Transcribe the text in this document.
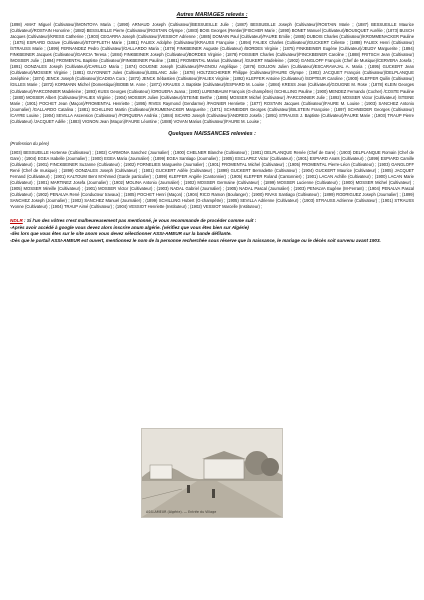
Autres MARIAGES relevés :

(1898) AMAT Miguel (Cultivateur)/MONTOYA Maria ; (1890) ARNAUD Joseph (Cultivateur)/BESSUEILLE Julie ; (1887) BESSUEILLE Joseph (Cultivateur)/ROSTAIN Marie ; (1887) BESSUEILLE Maurice (Cultivateur)/ROSTAIN Honorine ; (1882) BESSUEILLE Pierre (Cultivateur)/ROSTAIN Olympe ; (1883) BOIS Georges (Rentier)/FISCHER Marie ; (1890) BONET Manuel (Cultivateur)/BOUSQUET Aurélie ; (1873) BUSCH Jacques (Cultivateur)/KRESS Catherine ; (1903) CEGARRA Joseph (Cultivateur)/VESSIOT Adrienne ; (1885) DOMAIN Paul (Cultivateur)/FAURE Emilie ; (1885) DUBOIS Charles (Cultivateur)/KROMMENACKER Pauline ; (1875) ESPIARD Octave (Cultivateur)/STOFFLETH Marie ; (1881) FALIEX Adolphe (Cultivateur)/KRAUSS Françoise ; (1894) FALIEX Charles (Cultivateur)/GUCKERT Céleste ; (1888) FALIEX Henri (Cultivateur) /STRAUSS Marie ; (1899) FERNANDEZ Pedro (Cultivateur)/GALLARDO Maria ; (1879) FINKBEINER Auguste (Cultivateur) /BORDES Virginie ; (1875) FINKBEINER Eugène (Cultivateur)/JEUDY Marguerite ; (1894) FINKBEINER Jacques (Cultivateur)/GARCIA Teresa ; (1884) FINKBEINER Joseph (Cultivateur)/BORDES Virginie ; (1878) FOISSIER Charles (Cultivateur)/FINCKBEINER Caroline ; (1888) FRITSCH Jean (Cultivateur) /MOSSER Julie ; (1894) FROMENTAL Baptiste (Cultivateur)/FINKBEINER Pauline ; (1881) FROMENTAL Marius (Cultivateur) /GUKERT Madeleine ; (1902) GANGLOFF François (Chef de Musique)/CERVERA Josefa ; (1891) GONZALES Joseph (Cultivateur)/CARILLO Maria ; (1874) GOUGNE Joseph (Cultivateur)/PAGNOU Angélique ; (1876) GOUJON Julien (Cultivateur)/ESCARAVAJAL A. Maria ; (1895) GUCKERT Jean (Cultivateur)/MOSSER Virginie ; (1881) GUYONNET Jules (Cultivateur)/LEBLANC Julie ; (1878) HOLTZSCHERER Philippe (Cultivateur)/FAURE Olympe ; (1902) JACQUET François (Cultivateur)/DELPLANQUE Joséphine ; (1874) JENCK Joseph (Cultivateur)/CADIOA Cora ; (1872) JENCK Sébastien (Cultivateur)/FALIEX Virginie ; (1892) KLEFFER Antoine (Cultivateur) /SOPTEUR Caroline ; (1900) KLEFFER Quilin (Cultivateur) /GILLES Marie ; (1872) KORMANN Michel (Domestique)/BOBB M. Anne ; (1871) KRAUSS J. Baptiste (Cultivateur)/ESPIARD M. Louise ; (1884) KRESS Jean (Cultivateur)/GOUGNE M. Rose ; (1878) KLEIN Georges (Cultivateur)/FARCONNIER Madeleine ; (1893) KUSS Georges (Cultivateur) /ORGUERA Juana ; (1903) LURENBAUM François (G-champêtre) /SCHILLING Pauline ; (1900) MENDEZ Fernando (Cocher) /COSTE Pauline ; (1880) MOSSER Albert (Cultivateur)/FALIEX Virginie ; (1904) MOSSER Julien (Cultivateur)/STEINE Berthe ; (1885) MOSSER Michel (Cultivateur) /FARCONNIER Julie ; (1892) MOSSER Victor (Cultivateur) /STEINE Marie ; (1901) POCHET Jean (Maçon)/FROMENTAL Henriette ; (1895) RIVES Raymond (Gendarme) /PAGNIER Henriette ; (1877) ROSTAIN Jacques (Cultivateur)/FAURE M. Louise ; (1903) SANCHEZ Antonio (Journalier) /GALLARDO Catalina ; (1881) SCHILLING Martin (Cultivateur)/KRUMENACKER Marguerite ; (1871) SCHNEIDER Georges (Cultivateur)/BILSTEIN Françoise ; (1897) SCHNEIDER Georges (Cultivateur) /CAYRE Louise ; (1904) SEVILLA Ascension (Cultivateur) /FORQUERA Andréa ; (1884) SICARD Joseph (Cultivateur)/ANDREO Josefa ; (1891) STRAUSS J. Baptiste (Cultivateur)/FAURE Marie ; (1903) TRAUP Pierre (Cultivateur) /JACQUET Adèle ; (1883) VIGNON Jean (Maçon)/FAURE Léontine ; (1888) VOVAN Marius (Cultivateur)/FAURE M. Louise ;

Quelques NAISSANCES relevées :
(Profession du père)

(1903) BESSUEILLE Hortense (Cultivateur) ; (1902) CARMONA Sanchez (Journalier) ; (1900) CHELNER Blanche (Cultivateur) ; (1901) DELPLANQUE Renée (Chef de Gare) ; (1903) DELPLANQUE Romain (Chef de Gare) ; (1904) EGEA Isabelle (Journalier) ; (1900) EGEA Maria (Journalier) ; (1899) EGEA Santiago (Journalier) ; (1905) ESCLAPEZ Victor (Cultivateur) ; (1901) ESPIARD Anaïs (Cultivateur) ; (1899) ESPIARD Camille (Cultivateur) ; (1901) FINCKBEINER Suzanne (Cultivateur) ; (1902) FORNELIES Marguerite (Journalier) ; (1901) FROMENTAL Michel (Cultivateur) ; (1905) FROMENTAL Pierre-Léon (Cultivateur) ; (1903) GANGLOFF René (Chef de musique) ; (1899) GONZALES Joseph (Cultivateur) ; (1901) GUCKERT Adèle (Cultivateur) ; (1899) GUCKERT Bernadette (Cultivateur) ; (1904) GUCKERT Maurice (Cultivateur) ; (1905) JACQUET Fernand (Cultivateur) ; (1901) KALTOUM Bent M'Ahmed (Garde particulier) ; (1899) KLEFFER Angèle (Cantonnier) ; (1905) KLEFFER Roland (Cantonnier) ; (1901) LACAN Achille (Cultivateur) ; (1900) LACAN Marie (Cultivateur) ; (1901) MARTINEZ Josefa (Journalier) ; (1902) MOLINA Antonio (Journalier) ; (1902) MOSSER Germaine (Cultivateur) ; (1899) MOSSER Lucienne (Cultivateur) ; (1900) MOSSER Michel (Cultivateur) ; (1905) MOSSER Mireille (Cultivateur) ; (1901) MOSSER Victor (Cultivateur) ; (1903) NADAL Gabriel (Journalier) ; (1905) NADAL Pascal (Journalier) ; (1903) PENALVA Eugène (M-Ferrant) ; (1904) PENALVA Pascal (Cultivateur) ; (1902) PENALVA René (Conducteur travaux) ; (1905) POCHET Henri (Maçon) ; (1904) RICO Ramon (Boulanger) ; (1900) RIVAS Santiago (Cultivateur) ; (1899) RODRIGUEZ Joseph (Journalier) ; (1899) SANCHEZ Joseph (Journalier) ; (1902) SANCHEZ Manuel (Journalier) ; (1899) SCHILLING Hubert (G-champêtre) ; (1905) SEVILLA Adrienne (Cultivateur) ; (1903) STRAUSS Adrienne (Cultivateur) ; (1901) STRAUSS Yvonne (Cultivateur) ; (1904) TRAUP Aimé (Cultivateur) ; (1904) VESSIOT Henriette (Instituteur) ; (1902) VESSIOT Marcelle (Instituteur) ;

NDLR : Si l'un des vôtres n'est malheureusement pas mentionné, je vous recommande de procéder comme suit :
-Après avoir accédé à google vous devez alors inscrire anum algérie. (vérifiez que vous êtes bien sur Algérie)
-dès lors que vous êtes sur le site anom vous devez sélectionner ASSI-AMEUR sur la bande défilante.
-Dès que le portail ASSI-AMEUR est ouvert, mentionnez le nom de la personne recherchée sous réserve que la naissance, le mariage ou le décès soit survenu avant 1903.
ASSI-AMEUR (Algérie). — Entrée du Village
